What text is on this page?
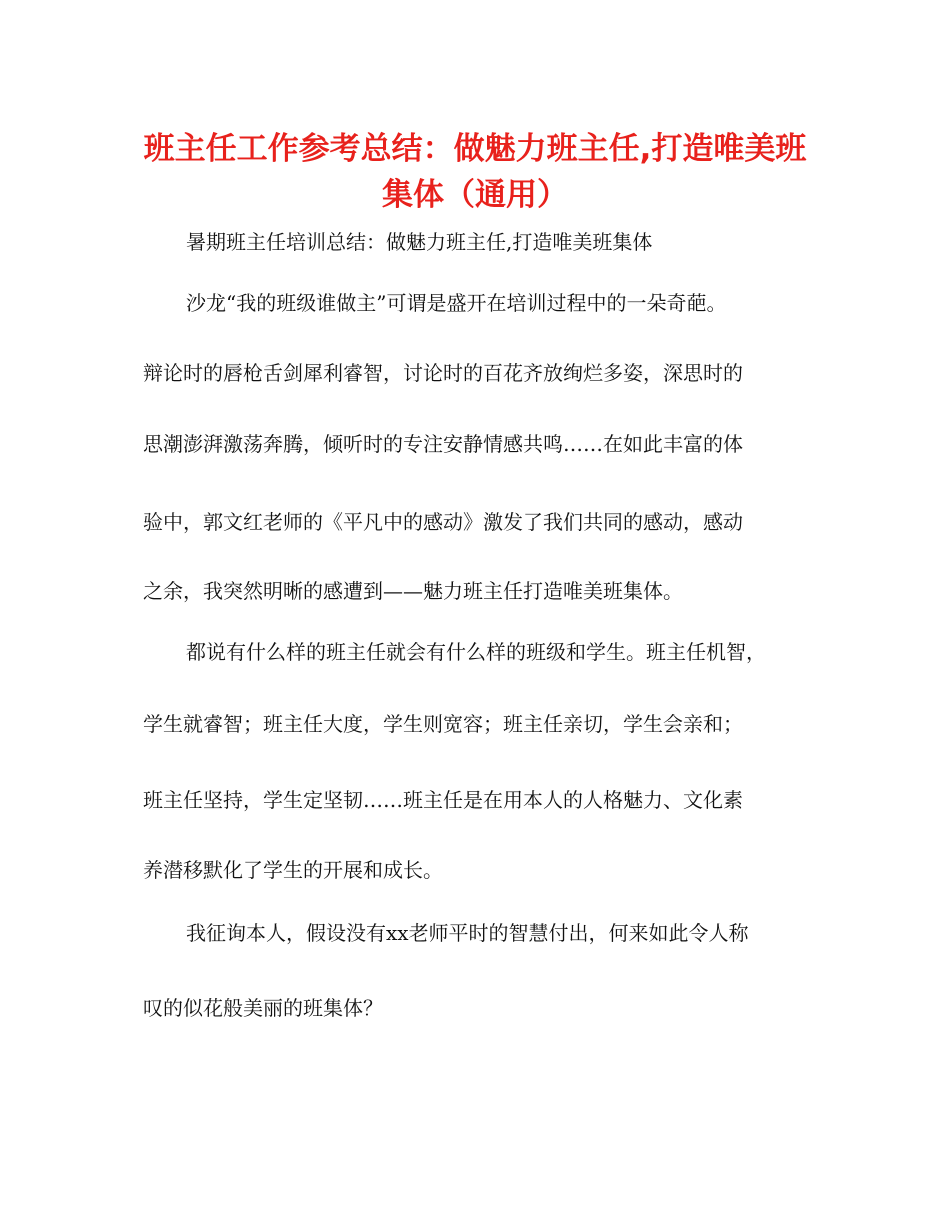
班主任工作参考总结：做魅力班主任,打造唯美班
集体（通用）

暑期班主任培训总结：做魅力班主任,打造唯美班集体

沙龙“我的班级谁做主”可谓是盛开在培训过程中的一朵奇葩。

辩论时的唇枪舌剑犀利睿智，讨论时的百花齐放绚烂多姿，深思时的

思潮澎湃激荡奔腾，倾听时的专注安静情感共鸣……在如此丰富的体

验中，郭文红老师的《平凡中的感动》激发了我们共同的感动，感动

之余，我突然明晰的感遭到——魅力班主任打造唯美班集体。

都说有什么样的班主任就会有什么样的班级和学生。班主任机智，

学生就睿智；班主任大度，学生则宽容；班主任亲切，学生会亲和；

班主任坚持，学生定坚韧……班主任是在用本人的人格魅力、文化素

养潜移默化了学生的开展和成长。

我征询本人，假设没有xx老师平时的智慧付出，何来如此令人称

叹的似花般美丽的班集体？
